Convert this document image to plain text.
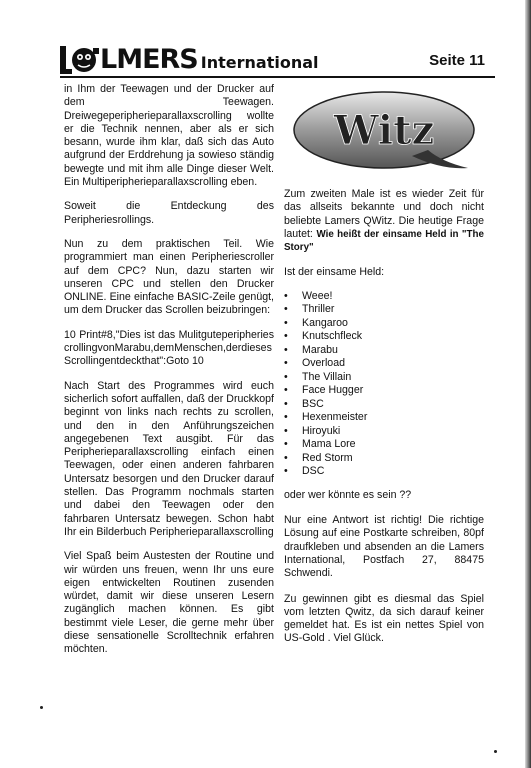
LMERS International	Seite 11

in Ihm der Teewagen und der Drucker auf dem Teewagen. Dreiwegeperipherieparallaxscrolling wollte er die Technik nennen, aber als er sich besann, wurde ihm klar, daß sich das Auto aufgrund der Erddrehung ja sowieso ständig bewegte und mit ihm alle Dinge dieser Welt. Ein Multiperipherieparallaxscrolling eben.

Soweit die Entdeckung des Peripheriesrollings.

Nun zu dem praktischen Teil. Wie programmiert man einen Peripheriescroller auf dem CPC? Nun, dazu starten wir unseren CPC und stellen den Drucker ONLINE. Eine einfache BASIC-Zeile genügt, um dem Drucker das Scrollen beizubringen:

10 Print#8,"Dies ist das MulitguteperipheriescrollingvonMarabu,demMenschen,derdiesesScrollingentdeckthat":Goto 10

Nach Start des Programmes wird euch sicherlich sofort auffallen, daß der Druckkopf beginnt von links nach rechts zu scrollen, und den in den Anführungszeichen angegebenen Text ausgibt. Für das Peripherieparallaxscrolling einfach einen Teewagen, oder einen anderen fahrbaren Untersatz besorgen und den Drucker darauf stellen. Das Programm nochmals starten und dabei den Teewagen oder den fahrbaren Untersatz bewegen. Schon habt Ihr ein Bilderbuch Peripherieparallaxscrolling

Viel Spaß beim Austesten der Routine und wir würden uns freuen, wenn Ihr uns eure eigen entwickelten Routinen zusenden würdet, damit wir diese unseren Lesern zugänglich machen können. Es gibt bestimmt viele Leser, die gerne mehr über diese sensationelle Scrolltechnik erfahren möchten.

Witz

Zum zweiten Male ist es wieder Zeit für das allseits bekannte und doch nicht beliebte Lamers QWitz. Die heutige Frage lautet: Wie heißt der einsame Held in "The Story"

Ist der einsame Held:

• Weee!
• Thriller
• Kangaroo
• Knutschfleck
• Marabu
• Overload
• The Villain
• Face Hugger
• BSC
• Hexenmeister
• Hiroyuki
• Mama Lore
• Red Storm
• DSC

oder wer könnte es sein ??

Nur eine Antwort ist richtig! Die richtige Lösung auf eine Postkarte schreiben, 80pf draufkleben und absenden an die Lamers International, Postfach 27, 88475 Schwendi.

Zu gewinnen gibt es diesmal das Spiel vom letzten Qwitz, da sich darauf keiner gemeldet hat. Es ist ein nettes Spiel von US-Gold . Viel Glück.
